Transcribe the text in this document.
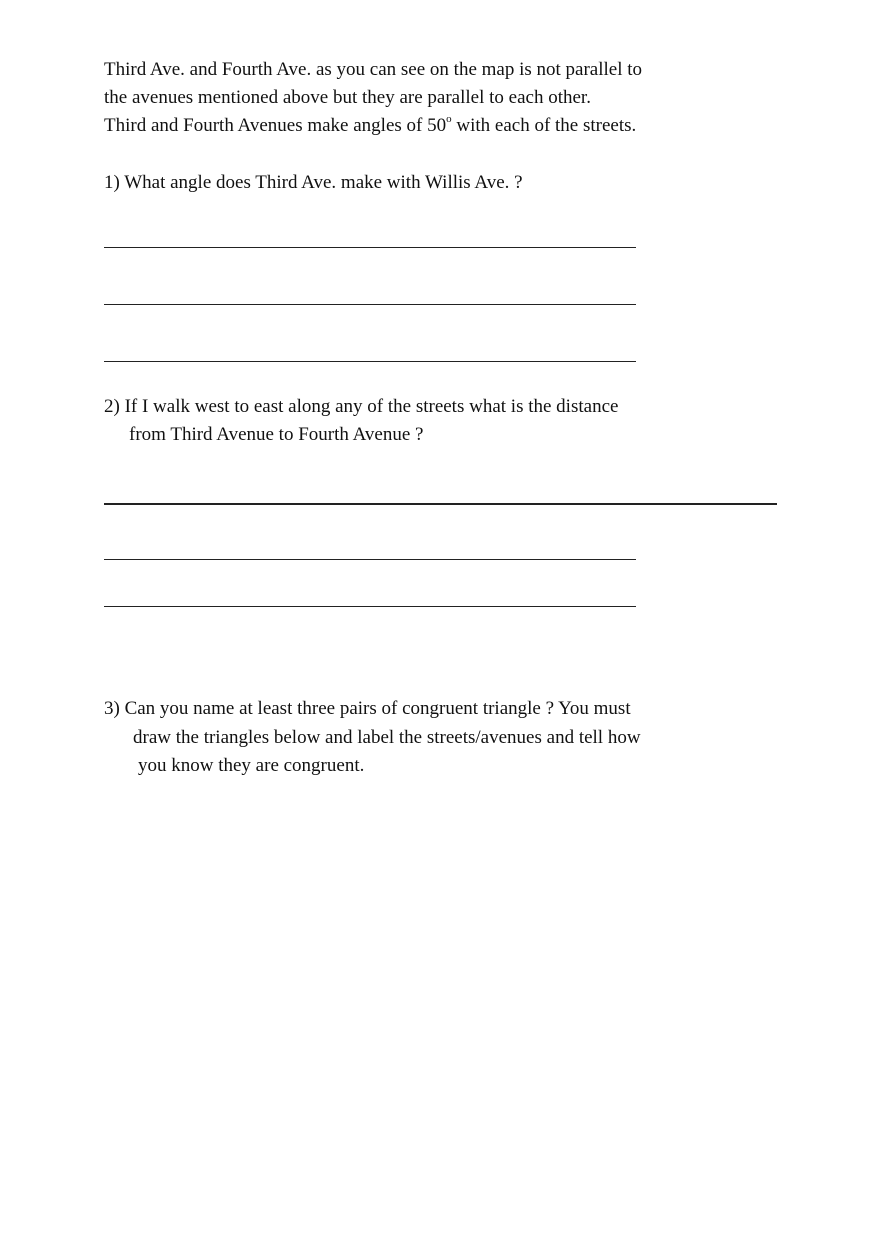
Third Ave. and Fourth Ave. as you can see on the map is not parallel to
the avenues mentioned above but they are parallel to each other.
Third and Fourth Avenues make angles of 50$^o$ with each of the streets.
1) What angle does Third Ave. make with Willis Ave. ?
2) If I walk west to east along any of the streets what is the distance
from Third Avenue to Fourth Avenue ?
3) Can you name at least three pairs of congruent triangle ? You must
draw the triangles below and label the streets/avenues and tell how
you know they are congruent.
